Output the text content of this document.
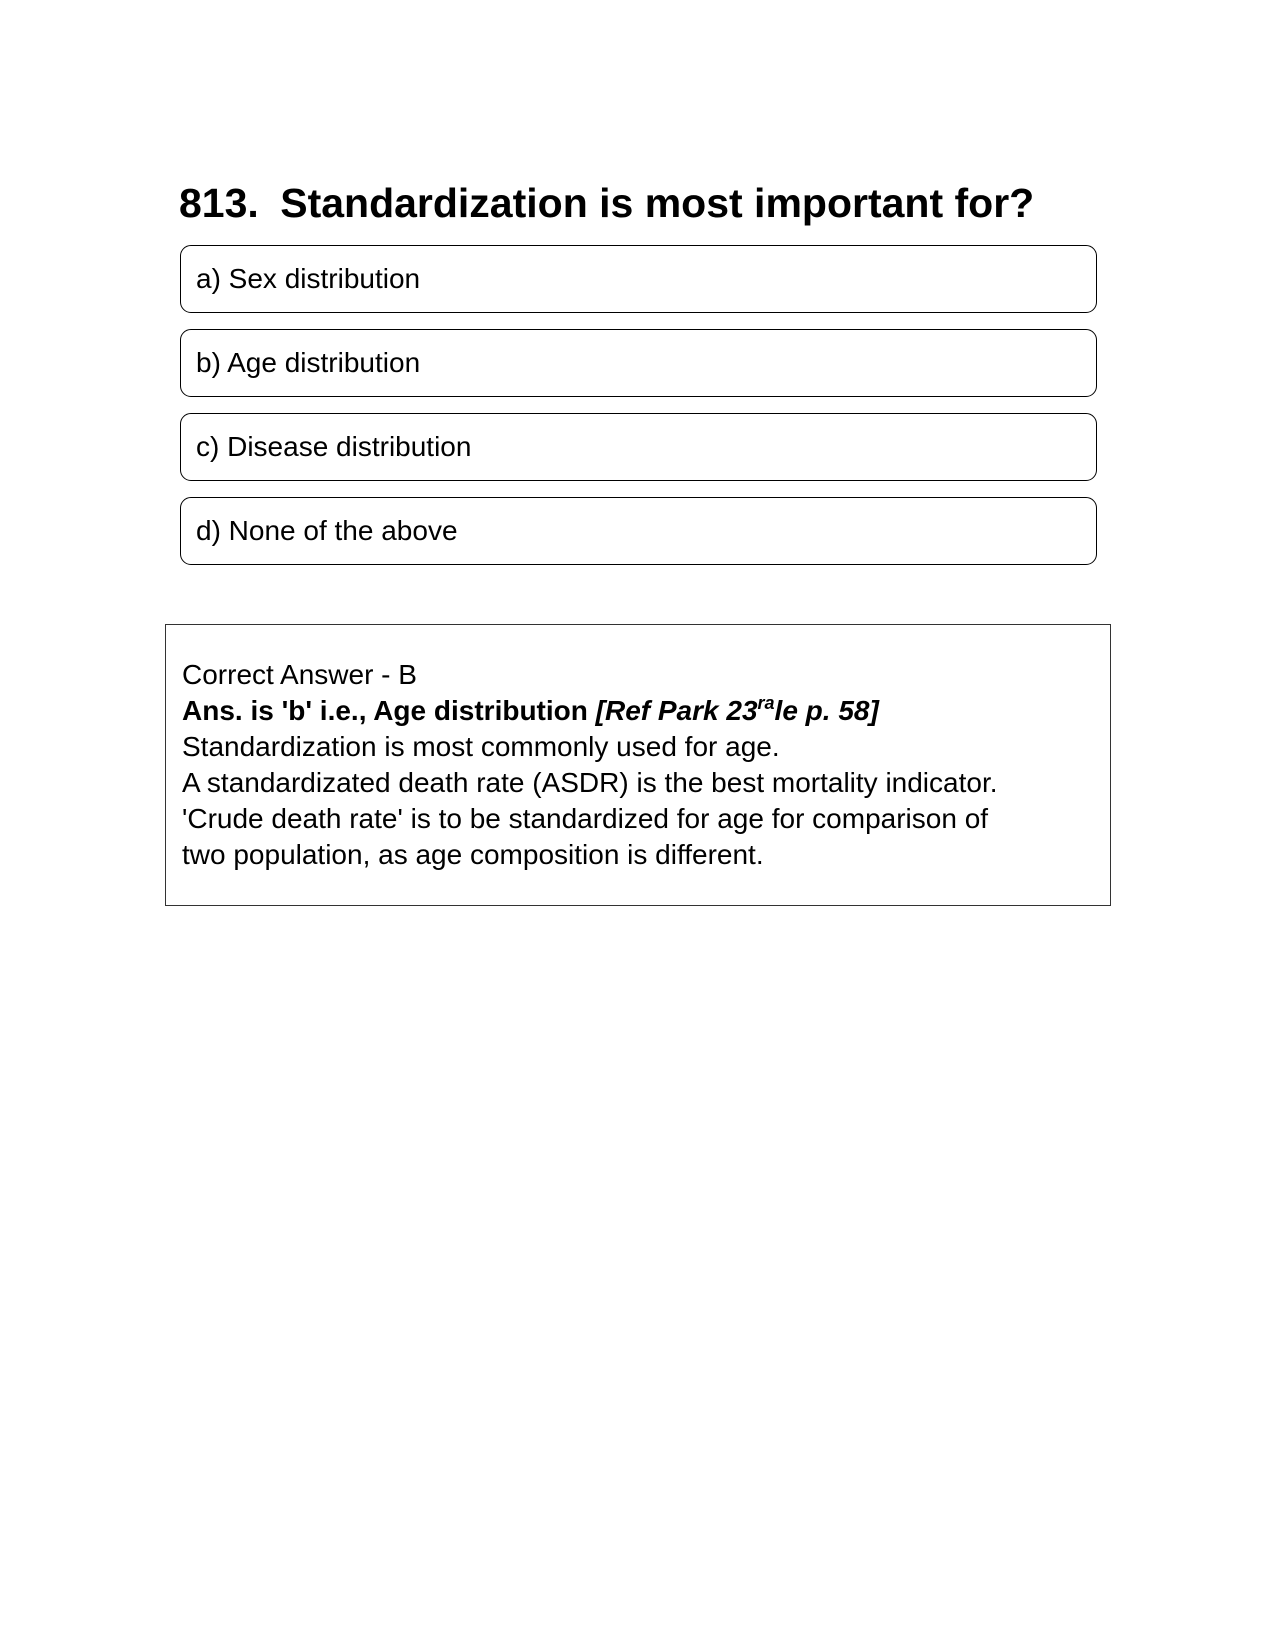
813. Standardization is most important for?
a) Sex distribution
b) Age distribution
c) Disease distribution
d) None of the above
Correct Answer - B
Ans. is 'b' i.e., Age distribution [Ref Park $23^{ra}le$ p. 58]
Standardization is most commonly used for age.
A standardizated death rate (ASDR) is the best mortality indicator.
'Crude death rate' is to be standardized for age for comparison of
two population, as age composition is different.
